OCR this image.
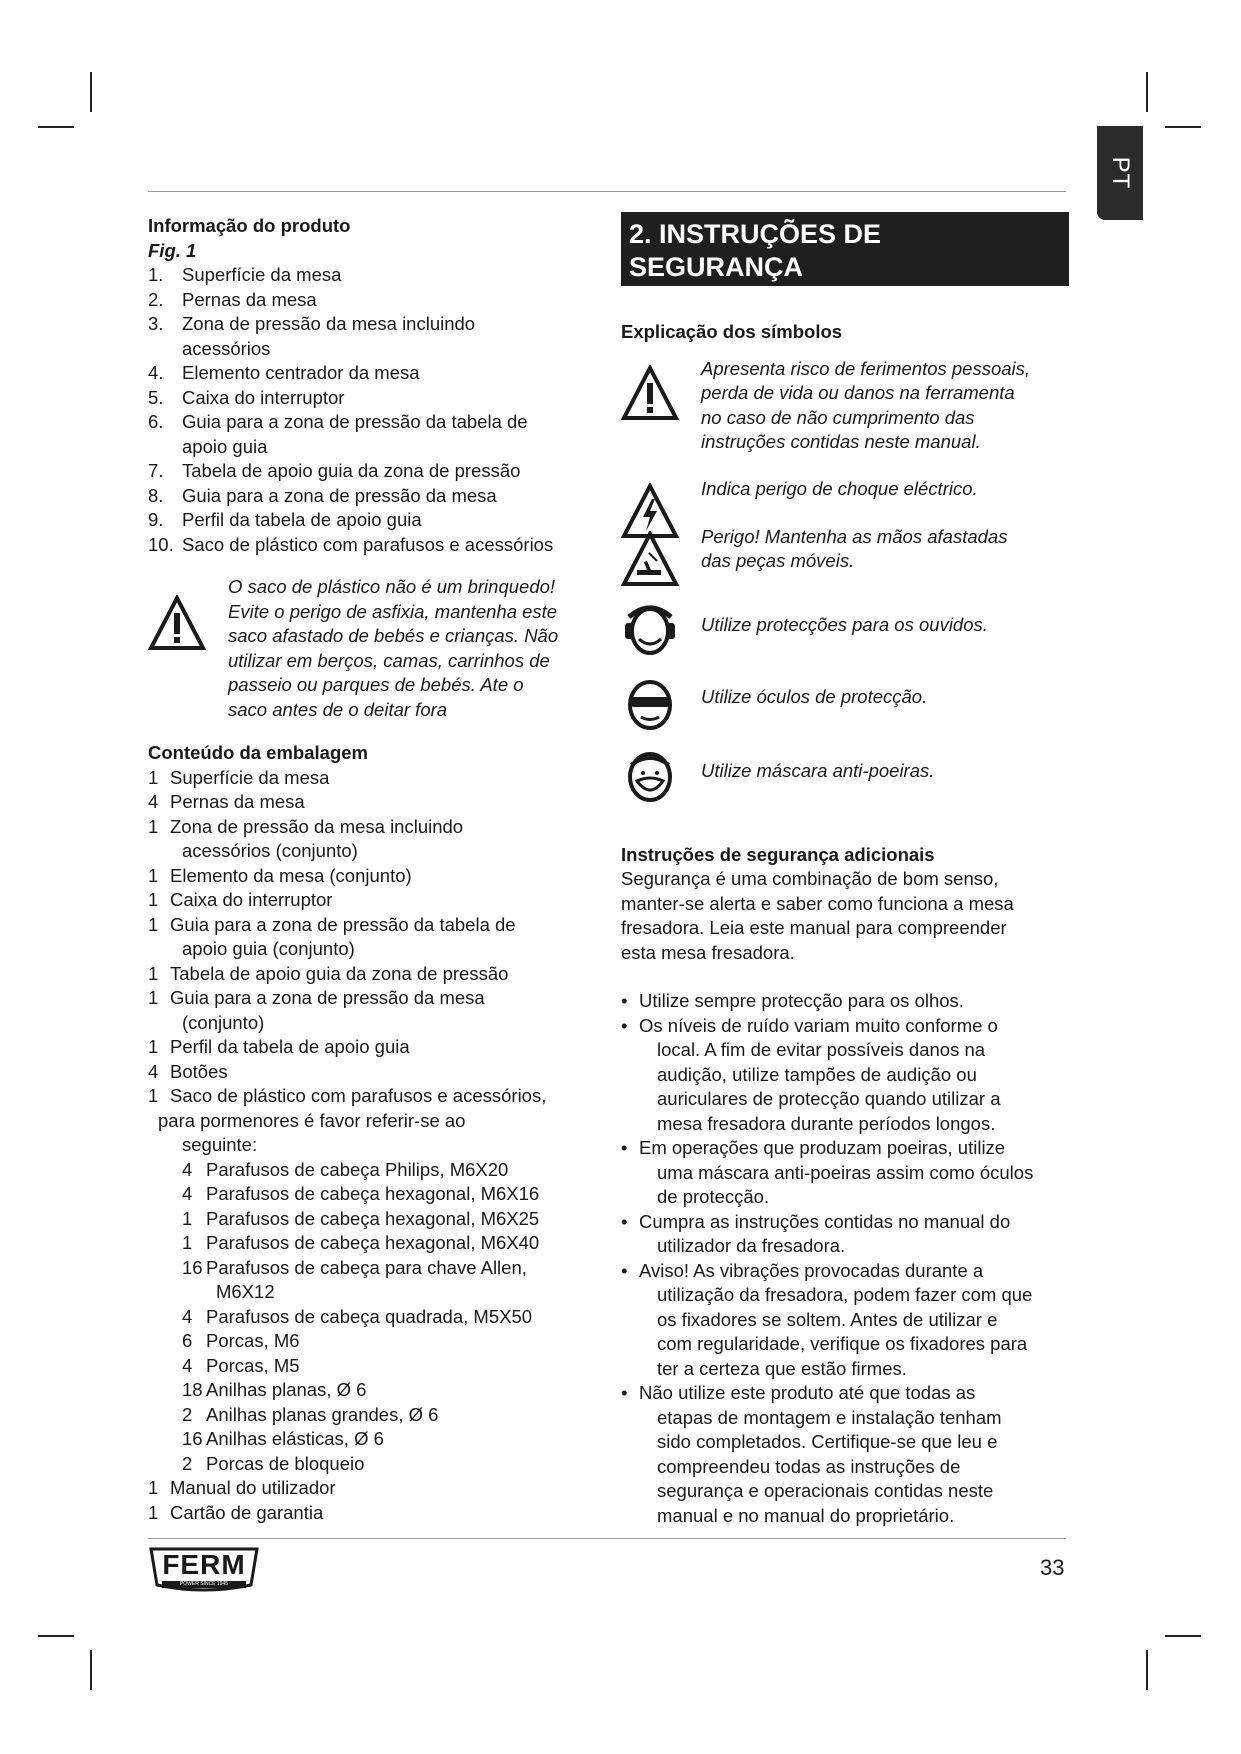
PT
Informação do produto
Fig. 1
1. Superfície da mesa
2. Pernas da mesa
3. Zona de pressão da mesa incluindo
acessórios
4. Elemento centrador da mesa
5. Caixa do interruptor
6. Guia para a zona de pressão da tabela de
apoio guia
7. Tabela de apoio guia da zona de pressão
8. Guia para a zona de pressão da mesa
9. Perfil da tabela de apoio guia
10. Saco de plástico com parafusos e acessórios
O saco de plástico não é um brinquedo!
Evite o perigo de asfixia, mantenha este
saco afastado de bebés e crianças. Não
utilizar em berços, camas, carrinhos de
passeio ou parques de bebés. Ate o
saco antes de o deitar fora
Conteúdo da embalagem
1 Superfície da mesa
4 Pernas da mesa
1 Zona de pressão da mesa incluindo
acessórios (conjunto)
1 Elemento da mesa (conjunto)
1 Caixa do interruptor
1 Guia para a zona de pressão da tabela de
apoio guia (conjunto)
1 Tabela de apoio guia da zona de pressão
1 Guia para a zona de pressão da mesa
(conjunto)
1 Perfil da tabela de apoio guia
4 Botões
1 Saco de plástico com parafusos e acessórios,
para pormenores é favor referir-se ao
seguinte:
4 Parafusos de cabeça Philips, M6X20
4 Parafusos de cabeça hexagonal, M6X16
1 Parafusos de cabeça hexagonal, M6X25
1 Parafusos de cabeça hexagonal, M6X40
16 Parafusos de cabeça para chave Allen,
M6X12
4 Parafusos de cabeça quadrada, M5X50
6 Porcas, M6
4 Porcas, M5
18 Anilhas planas, Ø 6
2 Anilhas planas grandes, Ø 6
16 Anilhas elásticas, Ø 6
2 Porcas de bloqueio
1 Manual do utilizador
1 Cartão de garantia
2. INSTRUÇÕES DE
SEGURANÇA
Explicação dos símbolos
Apresenta risco de ferimentos pessoais,
perda de vida ou danos na ferramenta
no caso de não cumprimento das
instruções contidas neste manual.
Indica perigo de choque eléctrico.
Perigo! Mantenha as mãos afastadas
das peças móveis.
Utilize protecções para os ouvidos.
Utilize óculos de protecção.
Utilize máscara anti-poeiras.
Instruções de segurança adicionais
Segurança é uma combinação de bom senso,
manter-se alerta e saber como funciona a mesa
fresadora. Leia este manual para compreender
esta mesa fresadora.
• Utilize sempre protecção para os olhos.
• Os níveis de ruído variam muito conforme o
local. A fim de evitar possíveis danos na
audição, utilize tampões de audição ou
auriculares de protecção quando utilizar a
mesa fresadora durante períodos longos.
• Em operações que produzam poeiras, utilize
uma máscara anti-poeiras assim como óculos
de protecção.
• Cumpra as instruções contidas no manual do
utilizador da fresadora.
• Aviso! As vibrações provocadas durante a
utilização da fresadora, podem fazer com que
os fixadores se soltem. Antes de utilizar e
com regularidade, verifique os fixadores para
ter a certeza que estão firmes.
• Não utilize este produto até que todas as
etapas de montagem e instalação tenham
sido completados. Certifique-se que leu e
compreendeu todas as instruções de
segurança e operacionais contidas neste
manual e no manual do proprietário.
FERM
POWER SINCE 1945
33
